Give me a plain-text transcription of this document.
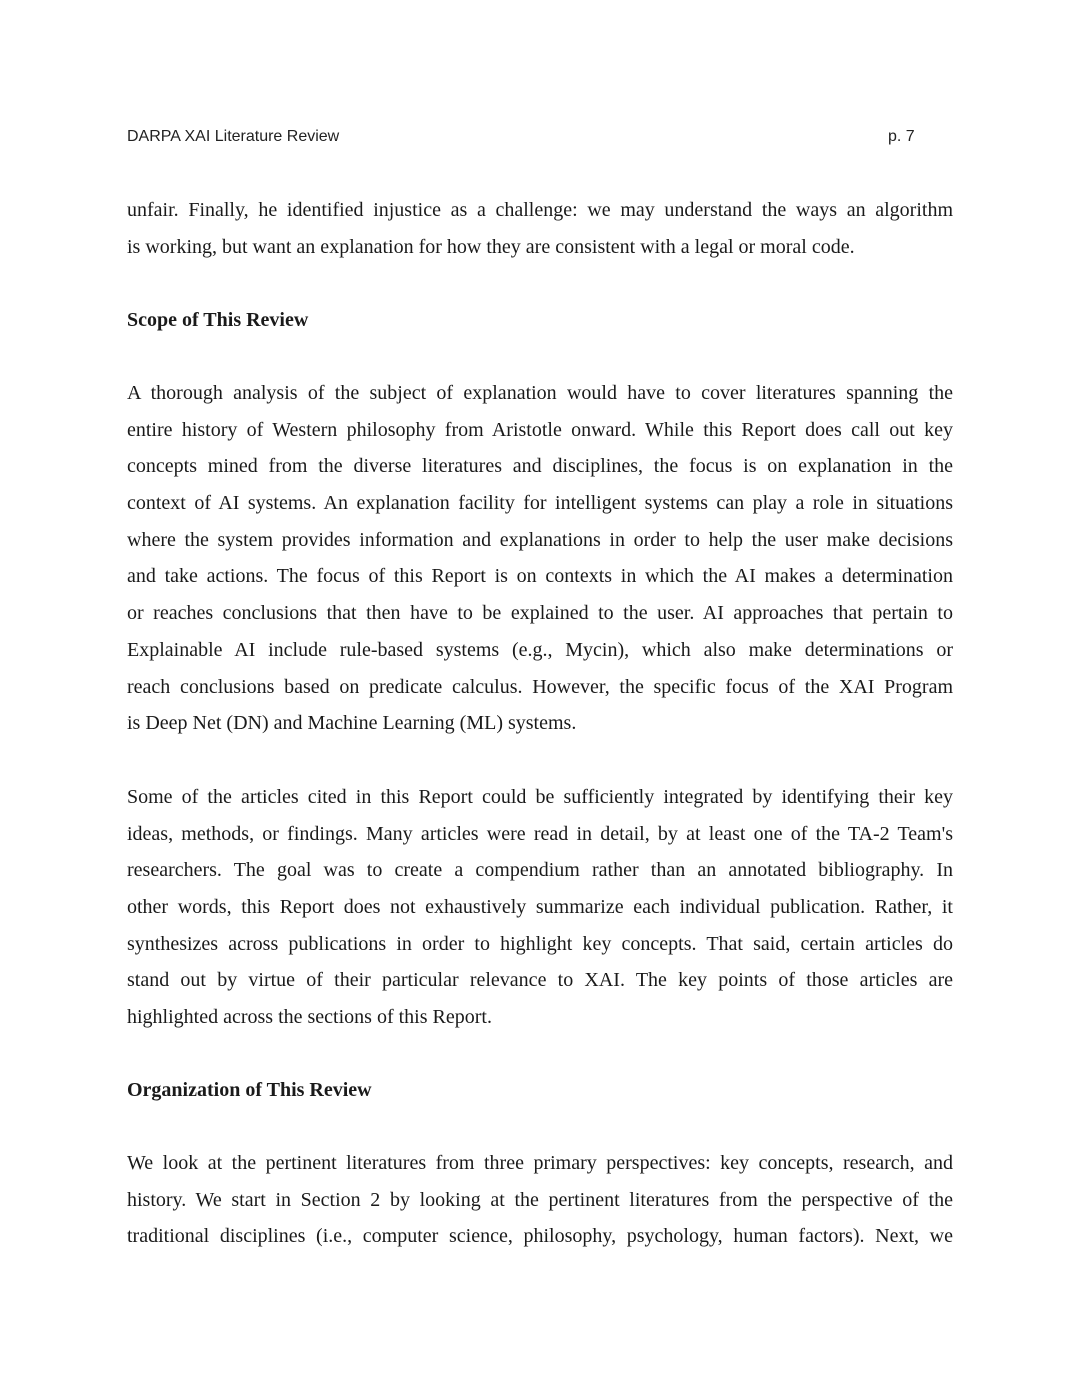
DARPA XAI Literature Review	p. 7
unfair. Finally, he identified injustice as a challenge: we may understand the ways an algorithm
is working, but want an explanation for how they are consistent with a legal or moral code.
Scope of This Review
A thorough analysis of the subject of explanation would have to cover literatures spanning the
entire history of Western philosophy from Aristotle onward. While this Report does call out key
concepts mined from the diverse literatures and disciplines, the focus is on explanation in the
context of AI systems. An explanation facility for intelligent systems can play a role in situations
where the system provides information and explanations in order to help the user make decisions
and take actions. The focus of this Report is on contexts in which the AI makes a determination
or reaches conclusions that then have to be explained to the user. AI approaches that pertain to
Explainable AI include rule-based systems (e.g., Mycin), which also make determinations or
reach conclusions based on predicate calculus. However, the specific focus of the XAI Program
is Deep Net (DN) and Machine Learning (ML) systems.
Some of the articles cited in this Report could be sufficiently integrated by identifying their key
ideas, methods, or findings. Many articles were read in detail, by at least one of the TA-2 Team's
researchers. The goal was to create a compendium rather than an annotated bibliography. In
other words, this Report does not exhaustively summarize each individual publication. Rather, it
synthesizes across publications in order to highlight key concepts. That said, certain articles do
stand out by virtue of their particular relevance to XAI. The key points of those articles are
highlighted across the sections of this Report.
Organization of This Review
We look at the pertinent literatures from three primary perspectives: key concepts, research, and
history. We start in Section 2 by looking at the pertinent literatures from the perspective of the
traditional disciplines (i.e., computer science, philosophy, psychology, human factors). Next, we
